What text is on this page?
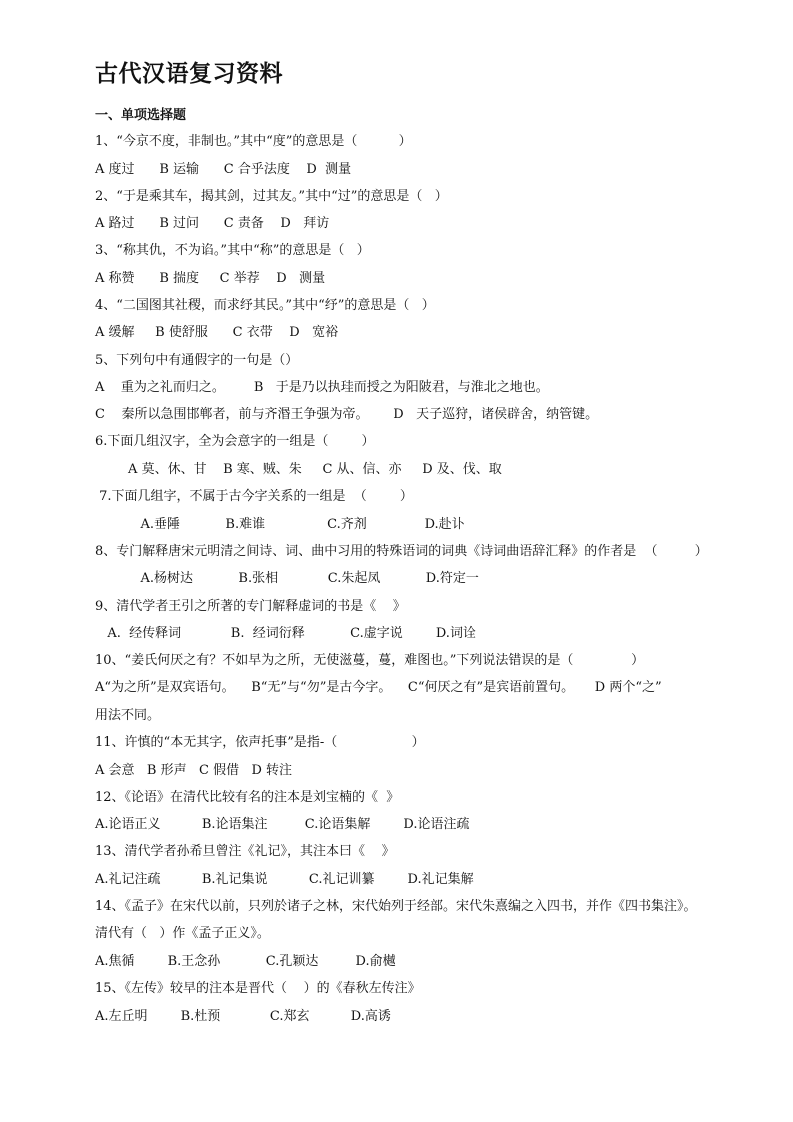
古代汉语复习资料
一、单项选择题
1、“今京不度，非制也。”其中“度”的意思是（          ）
A 度过      B 运输      C 合乎法度    D  测量
2、“于是乘其车，揭其剑，过其友。”其中“过”的意思是（   ）
A 路过      B 过问      C 责备    D   拜访
3、“称其仇，不为谄。”其中“称”的意思是（   ）
A 称赞      B 揣度     C 举荐    D   测量
4、“二国图其社稷，而求纾其民。”其中“纾”的意思是（   ）
A 缓解     B 使舒服      C 衣带    D   宽裕
5、下列句中有通假字的一句是（）
A    重为之礼而归之。       B   于是乃以执珪而授之为阳陂君，与淮北之地也。
C    秦所以急围邯郸者，前与齐湣王争强为帝。      D   天子巡狩，诸侯辟舍，纳管键。
6.下面几组汉字，全为会意字的一组是（        ）
A 莫、休、甘    B 寒、贼、朱     C 从、信、亦     D 及、伐、取
7.下面几组字，不属于古今字关系的一组是  （        ）
A.垂陲           B.难谁               C.齐剂              D.赴讣
8、专门解释唐宋元明清之间诗、词、曲中习用的特殊语词的词典《诗词曲语辞汇释》的作者是  （         ）
A.杨树达           B.张相            C.朱起凤           D.符定一
9、清代学者王引之所著的专门解释虚词的书是《    》
A.  经传释词            B.  经词衍释           C.虚字说        D.词诠
10、“姜氏何厌之有？不如早为之所，无使滋蔓，蔓，难图也。”下列说法错误的是（              ）
A“为之所”是双宾语句。    B“无”与“勿”是古今字。    C“何厌之有”是宾语前置句。     D 两个“之”
用法不同。
11、许慎的“本无其字，依声托事”是指-（                  ）
A 会意   B 形声   C 假借   D 转注
12、《论语》在清代比较有名的注本是刘宝楠的《  》
A.论语正义          B.论语集注         C.论语集解        D.论语注疏
13、清代学者孙希旦曾注《礼记》，其注本曰《    》
A.礼记注疏          B.礼记集说          C.礼记训纂        D.礼记集解
14、《孟子》在宋代以前，只列於诸子之林，宋代始列于经部。宋代朱熹编之入四书，并作《四书集注》。
清代有（   ）作《孟子正义》。
A.焦循        B.王念孙           C.孔颖达         D.俞樾
15、《左传》较早的注本是晋代（    ）的《春秋左传注》
A.左丘明        B.杜预            C.郑玄          D.高诱
